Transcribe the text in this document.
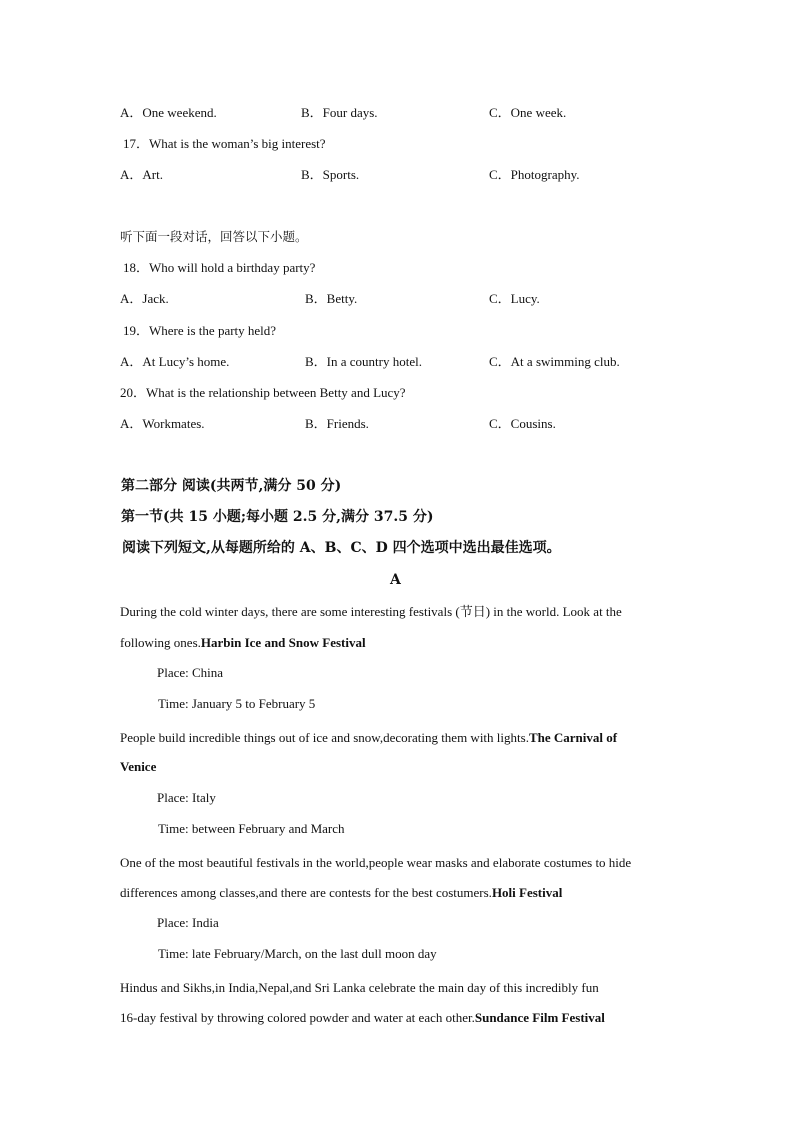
A．One weekend.	B．Four days.	C．One week.
17．What is the woman’s big interest?
A．Art.	B．Sports.	C．Photography.
听下面一段对话，回答以下小题。
18．Who will hold a birthday party?
A．Jack.	B．Betty.	C．Lucy.
19．Where is the party held?
A．At Lucy’s home.	B．In a country hotel.	C．At a swimming club.
20．What is the relationship between Betty and Lucy?
A．Workmates.	B．Friends.	C．Cousins.
第二部分 阅读(共两节,满分 50 分)
第一节(共 15 小题;每小题 2.5 分,满分 37.5 分)
阅读下列短文,从每题所给的 A、B、C、D 四个选项中选出最佳选项。
A
During the cold winter days, there are some interesting festivals (节日) in the world. Look at the
following ones.Harbin Ice and Snow Festival
Place: China
Time: January 5 to February 5
People build incredible things out of ice and snow,decorating them with lights.The Carnival of
Venice
Place: Italy
Time: between February and March
One of the most beautiful festivals in the world,people wear masks and elaborate costumes to hide
differences among classes,and there are contests for the best costumers.Holi Festival
Place: India
Time: late February/March, on the last dull moon day
Hindus and Sikhs,in India,Nepal,and Sri Lanka celebrate the main day of this incredibly fun
16-day festival by throwing colored powder and water at each other.Sundance Film Festival
